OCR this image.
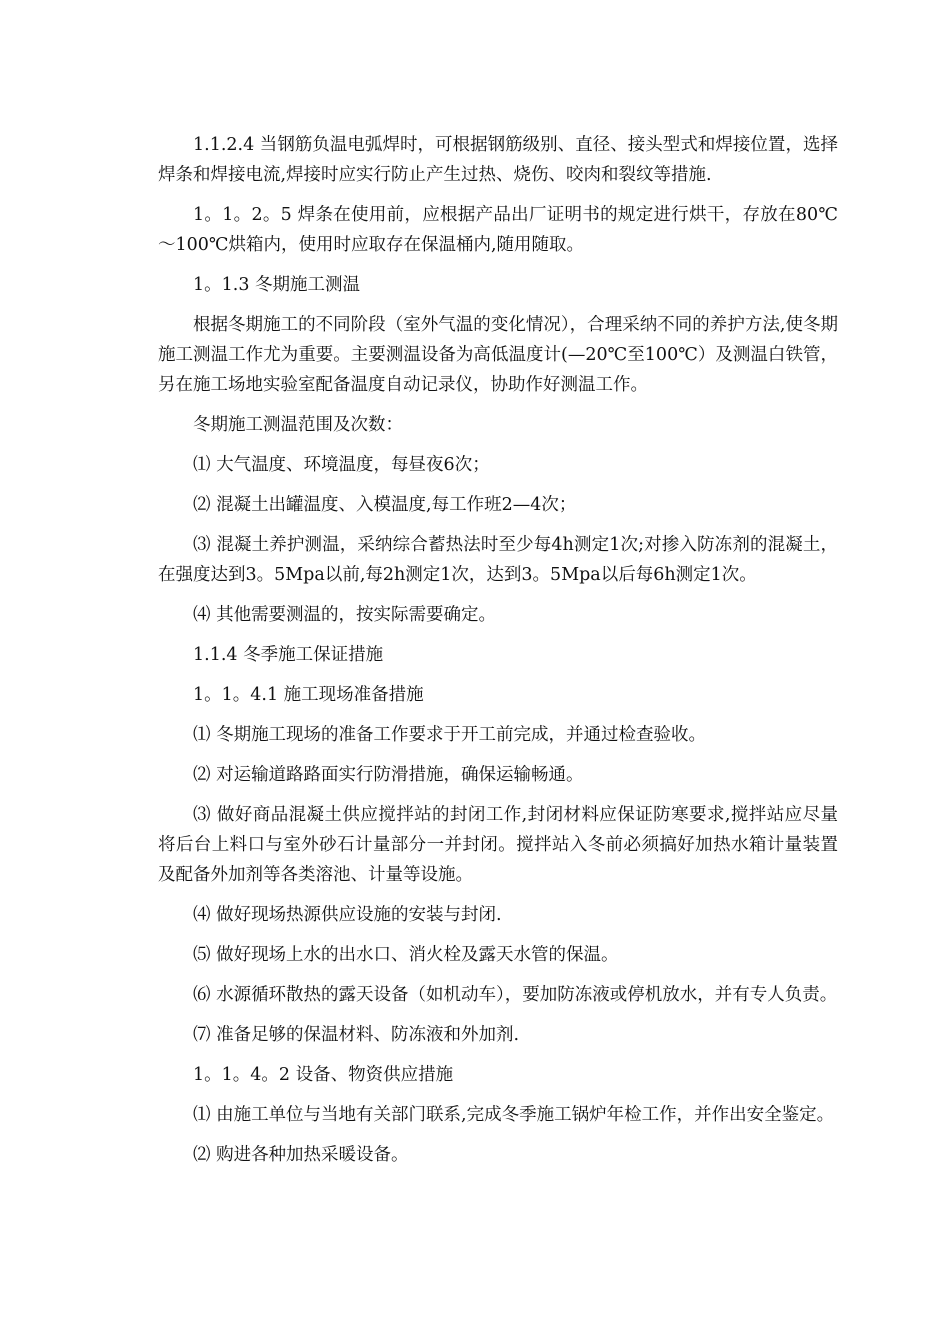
1.1.2.4 当钢筋负温电弧焊时，可根据钢筋级别、直径、接头型式和焊接位置，选择焊条和焊接电流,焊接时应实行防止产生过热、烧伤、咬肉和裂纹等措施.

1。1。2。5 焊条在使用前，应根据产品出厂证明书的规定进行烘干，存放在80℃～100℃烘箱内，使用时应取存在保温桶内,随用随取。

1。1.3 冬期施工测温

根据冬期施工的不同阶段（室外气温的变化情况），合理采纳不同的养护方法,使冬期施工测温工作尤为重要。主要测温设备为高低温度计(—20℃至100℃）及测温白铁管，另在施工场地实验室配备温度自动记录仪，协助作好测温工作。

冬期施工测温范围及次数：

⑴ 大气温度、环境温度，每昼夜6次；

⑵ 混凝土出罐温度、入模温度,每工作班2—4次；

⑶ 混凝土养护测温，采纳综合蓄热法时至少每4h测定1次;对掺入防冻剂的混凝土，在强度达到3。5Mpa以前,每2h测定1次，达到3。5Mpa以后每6h测定1次。

⑷ 其他需要测温的，按实际需要确定。

1.1.4 冬季施工保证措施

1。1。4.1 施工现场准备措施

⑴ 冬期施工现场的准备工作要求于开工前完成，并通过检查验收。

⑵ 对运输道路路面实行防滑措施，确保运输畅通。

⑶ 做好商品混凝土供应搅拌站的封闭工作,封闭材料应保证防寒要求,搅拌站应尽量将后台上料口与室外砂石计量部分一并封闭。搅拌站入冬前必须搞好加热水箱计量装置及配备外加剂等各类溶池、计量等设施。

⑷ 做好现场热源供应设施的安装与封闭.

⑸ 做好现场上水的出水口、消火栓及露天水管的保温。

⑹ 水源循环散热的露天设备（如机动车），要加防冻液或停机放水，并有专人负责。

⑺ 准备足够的保温材料、防冻液和外加剂.

1。1。4。2 设备、物资供应措施

⑴ 由施工单位与当地有关部门联系,完成冬季施工锅炉年检工作，并作出安全鉴定。

⑵ 购进各种加热采暖设备。
